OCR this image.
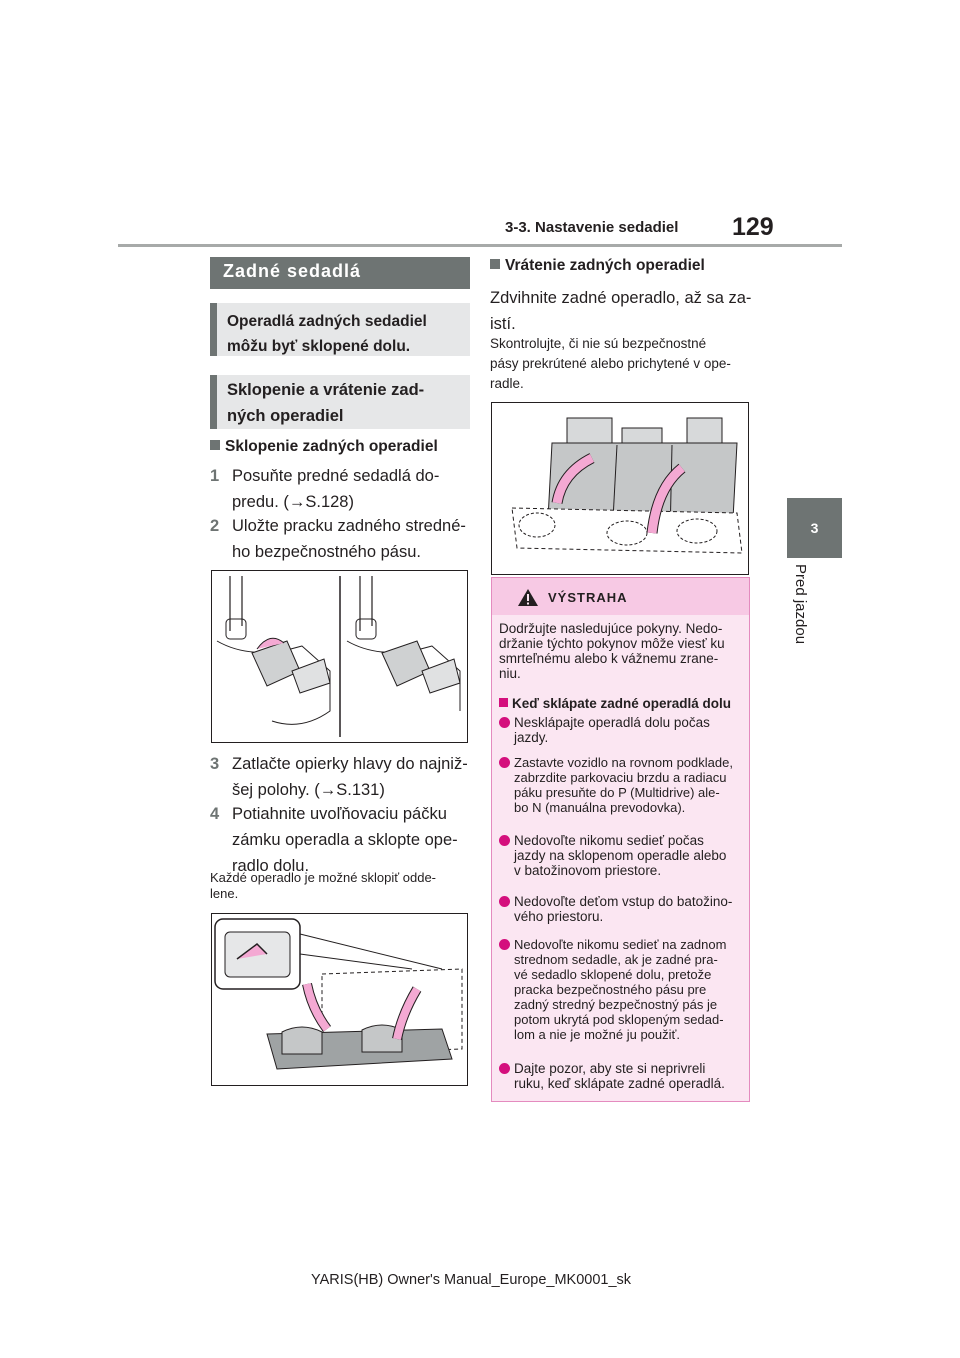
3-3. Nastavenie sedadiel 129
3
Pred jazdou
Zadné sedadlá
Operadlá zadných sedadiel môžu byť sklopené dolu.
Sklopenie a vrátenie zad-ných operadiel
Sklopenie zadných operadiel
1 Posuňte predné sedadlá do-
predu. (→S.128)
2 Uložte pracku zadného stredné-
ho bezpečnostného pásu.
3 Zatlačte opierky hlavy do najniž-
šej polohy. (→S.131)
4 Potiahnite uvoľňovaciu páčku
zámku operadla a sklopte ope-
radlo dolu.
Každé operadlo je možné sklopiť odde-
lene.
Vrátenie zadných operadiel
Zdvihnite zadné operadlo, až sa za-
istí.
Skontrolujte, či nie sú bezpečnostné
pásy prekrútené alebo prichytené v ope-
radle.
VÝSTRAHA
Dodržujte nasledujúce pokyny. Nedo-
držanie týchto pokynov môže viesť ku
smrteľnému alebo k vážnemu zrane-
niu.
Keď sklápate zadné operadlá dolu
Nesklápajte operadlá dolu počas
jazdy.
Zastavte vozidlo na rovnom podklade,
zabrzdite parkovaciu brzdu a radiacu
páku presuňte do P (Multidrive) ale-
bo N (manuálna prevodovka).
Nedovoľte nikomu sedieť počas
jazdy na sklopenom operadle alebo
v batožinovom priestore.
Nedovoľte deťom vstup do batožino-
vého priestoru.
Nedovoľte nikomu sedieť na zadnom
strednom sedadle, ak je zadné pra-
vé sedadlo sklopené dolu, pretože
pracka bezpečnostného pásu pre
zadný stredný bezpečnostný pás je
potom ukrytá pod sklopeným sedad-
lom a nie je možné ju použiť.
Dajte pozor, aby ste si neprivreli
ruku, keď sklápate zadné operadlá.
YARIS(HB) Owner's Manual_Europe_MK0001_sk
